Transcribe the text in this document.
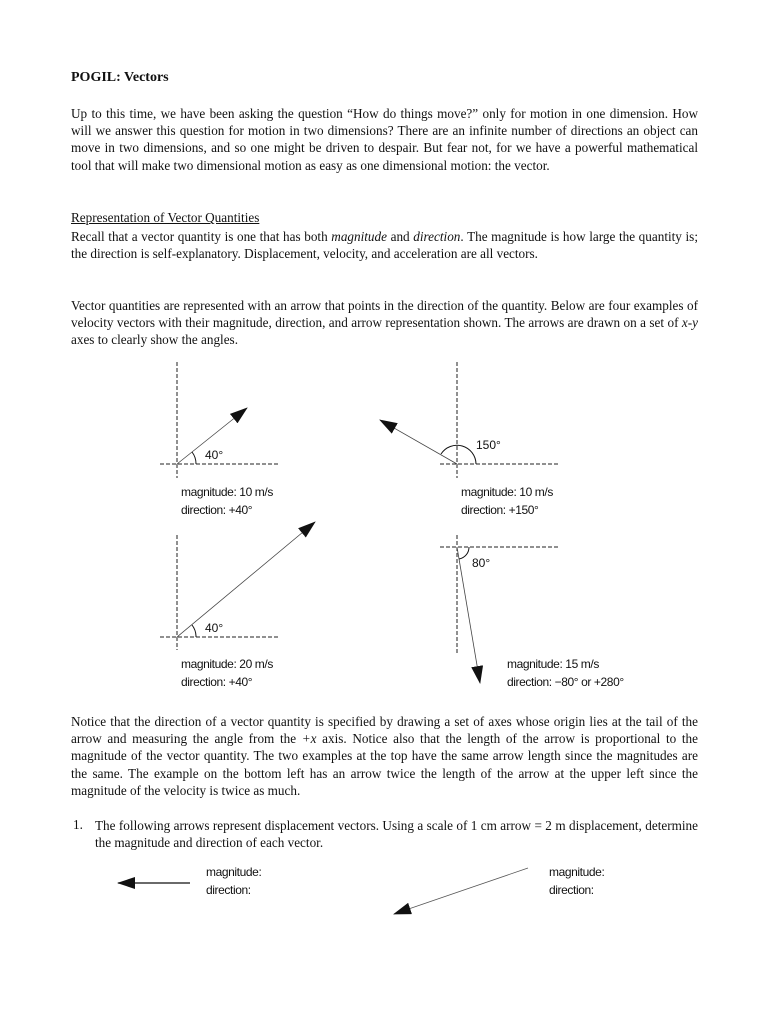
POGIL: Vectors

Up to this time, we have been asking the question “How do things move?” only for motion in one dimension. How will we answer this question for motion in two dimensions? There are an infinite number of directions an object can move in two dimensions, and so one might be driven to despair. But fear not, for we have a powerful mathematical tool that will make two dimensional motion as easy as one dimensional motion: the vector.

Representation of Vector Quantities

Recall that a vector quantity is one that has both magnitude and direction. The magnitude is how large the quantity is; the direction is self-explanatory. Displacement, velocity, and acceleration are all vectors.

Vector quantities are represented with an arrow that points in the direction of the quantity. Below are four examples of velocity vectors with their magnitude, direction, and arrow representation shown. The arrows are drawn on a set of x-y axes to clearly show the angles.

40°
150°
40°
80°
magnitude: 10 m/s
direction: +40°
magnitude: 10 m/s
direction: +150°
magnitude: 20 m/s
direction: +40°
magnitude: 15 m/s
direction: −80° or +280°

Notice that the direction of a vector quantity is specified by drawing a set of axes whose origin lies at the tail of the arrow and measuring the angle from the +x axis. Notice also that the length of the arrow is proportional to the magnitude of the vector quantity. The two examples at the top have the same arrow length since the magnitudes are the same. The example on the bottom left has an arrow twice the length of the arrow at the upper left since the magnitude of the velocity is twice as much.

1. The following arrows represent displacement vectors. Using a scale of 1 cm arrow = 2 m displacement, determine the magnitude and direction of each vector.

magnitude:
direction:
magnitude:
direction:
